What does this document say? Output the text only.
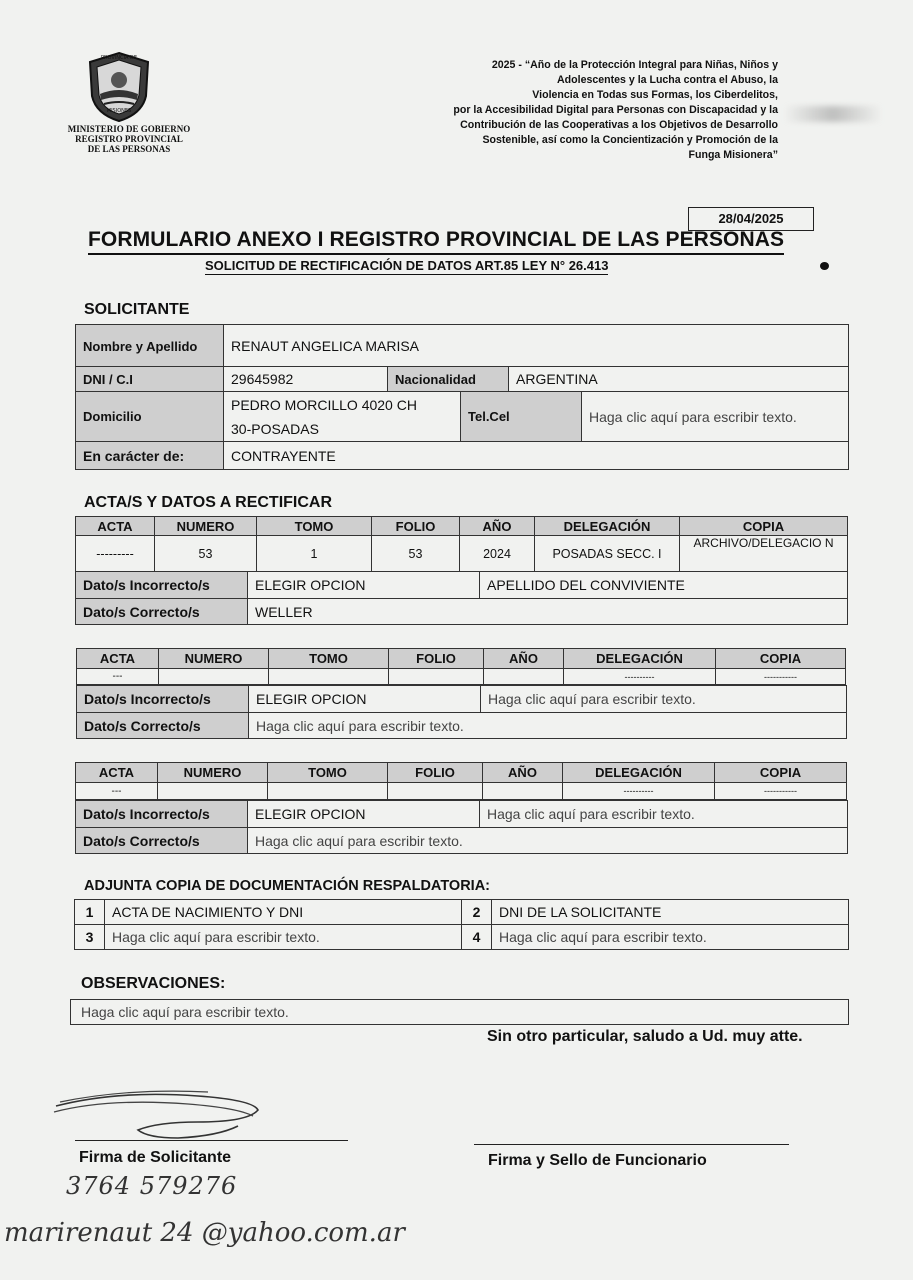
PROVINCIA DE
MISIONES
MINISTERIO DE GOBIERNO
REGISTRO PROVINCIAL
DE LAS PERSONAS
2025 - “Año de la Protección Integral para Niñas, Niños y
Adolescentes y la Lucha contra el Abuso, la
Violencia en Todas sus Formas, los Ciberdelitos,
por la Accesibilidad Digital para Personas con Discapacidad y la
Contribución de las Cooperativas a los Objetivos de Desarrollo
Sostenible, así como la Concientización y Promoción de la
Funga Misionera”
28/04/2025
FORMULARIO ANEXO I REGISTRO PROVINCIAL DE LAS PERSONAS
SOLICITUD DE RECTIFICACIÓN DE DATOS ART.85 LEY N° 26.413
SOLICITANTE
Nombre y Apellido	RENAUT ANGELICA MARISA				
DNI / C.I	29645982	Nacionalidad		ARGENTINA	
Domicilio	PEDRO MORCILLO 4020 CH
30-POSADAS		Tel.Cel		Haga clic aquí para escribir texto.
En carácter de:	CONTRAYENTE				
ACTA/S Y DATOS A RECTIFICAR
ACTA	NUMERO	TOMO	FOLIO	AÑO	DELEGACIÓN	COPIA
---------	53	1	53	2024	POSADAS SECC. I	ARCHIVO/DELEGACIO N
Dato/s Incorrecto/s	ELEGIR OPCION	APELLIDO DEL CONVIVIENTE
Dato/s Correcto/s	WELLER	
ACTA	NUMERO	TOMO	FOLIO	AÑO	DELEGACIÓN	COPIA
---					----------	-----------
Dato/s Incorrecto/s	ELEGIR OPCION	Haga clic aquí para escribir texto.
Dato/s Correcto/s	Haga clic aquí para escribir texto.	
ACTA	NUMERO	TOMO	FOLIO	AÑO	DELEGACIÓN	COPIA
---					----------	-----------
Dato/s Incorrecto/s	ELEGIR OPCION	Haga clic aquí para escribir texto.
Dato/s Correcto/s	Haga clic aquí para escribir texto.	
ADJUNTA COPIA DE DOCUMENTACIÓN RESPALDATORIA:
1	ACTA DE NACIMIENTO Y DNI	2	DNI DE LA SOLICITANTE
3	Haga clic aquí para escribir texto.	4	Haga clic aquí para escribir texto.
OBSERVACIONES:
Haga clic aquí para escribir texto.
Sin otro particular, saludo a Ud. muy atte.
Firma de Solicitante	Firma y Sello de Funcionario
3764 579276
marirenaut 24 @yahoo.com.ar
